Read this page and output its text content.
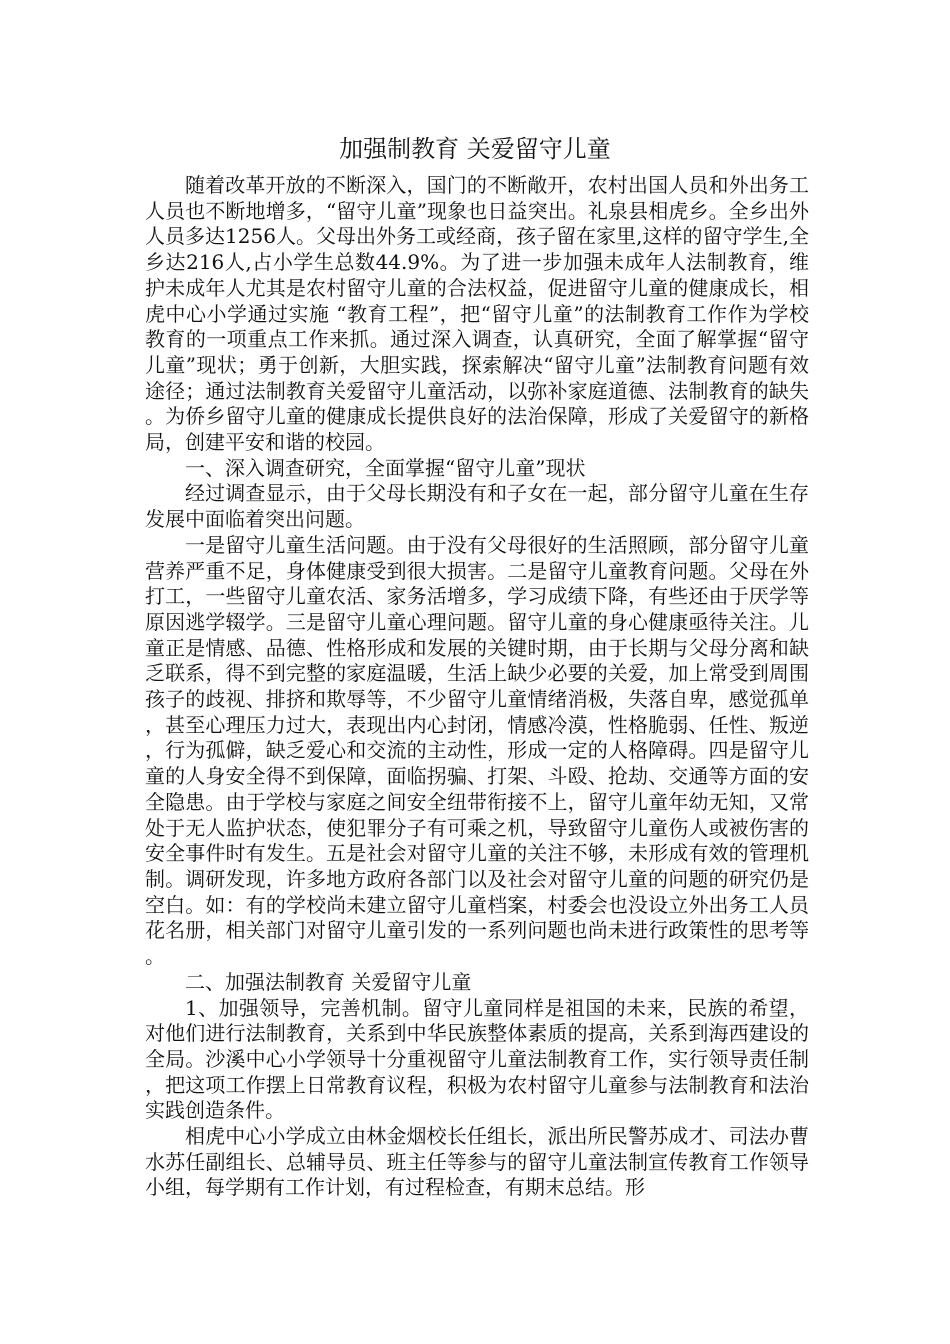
加强制教育 关爱留守儿童

随着改革开放的不断深入，国门的不断敞开，农村出国人员和外出务工人员也不断地增多，“留守儿童”现象也日益突出。礼泉县相虎乡。全乡出外人员多达1256人。父母出外务工或经商，孩子留在家里,这样的留守学生,全乡达216人,占小学生总数44.9%。为了进一步加强未成年人法制教育，维护未成年人尤其是农村留守儿童的合法权益，促进留守儿童的健康成长，相虎中心小学通过实施 “教育工程”，把“留守儿童”的法制教育工作作为学校教育的一项重点工作来抓。通过深入调查，认真研究，全面了解掌握“留守儿童”现状；勇于创新，大胆实践，探索解决“留守儿童”法制教育问题有效途径；通过法制教育关爱留守儿童活动，以弥补家庭道德、法制教育的缺失。为侨乡留守儿童的健康成长提供良好的法治保障，形成了关爱留守的新格局，创建平安和谐的校园。

一、深入调查研究，全面掌握“留守儿童”现状

经过调查显示，由于父母长期没有和子女在一起，部分留守儿童在生存发展中面临着突出问题。

一是留守儿童生活问题。由于没有父母很好的生活照顾，部分留守儿童营养严重不足，身体健康受到很大损害。二是留守儿童教育问题。父母在外打工，一些留守儿童农活、家务活增多，学习成绩下降，有些还由于厌学等原因逃学辍学。三是留守儿童心理问题。留守儿童的身心健康亟待关注。儿童正是情感、品德、性格形成和发展的关键时期，由于长期与父母分离和缺乏联系，得不到完整的家庭温暖，生活上缺少必要的关爱，加上常受到周围孩子的歧视、排挤和欺辱等，不少留守儿童情绪消极，失落自卑，感觉孤单，甚至心理压力过大，表现出内心封闭，情感冷漠，性格脆弱、任性、叛逆，行为孤僻，缺乏爱心和交流的主动性，形成一定的人格障碍。四是留守儿童的人身安全得不到保障，面临拐骗、打架、斗殴、抢劫、交通等方面的安全隐患。由于学校与家庭之间安全纽带衔接不上，留守儿童年幼无知，又常处于无人监护状态，使犯罪分子有可乘之机，导致留守儿童伤人或被伤害的安全事件时有发生。五是社会对留守儿童的关注不够，未形成有效的管理机制。调研发现，许多地方政府各部门以及社会对留守儿童的问题的研究仍是空白。如：有的学校尚未建立留守儿童档案，村委会也没设立外出务工人员花名册，相关部门对留守儿童引发的一系列问题也尚未进行政策性的思考等。

二、加强法制教育 关爱留守儿童

1、加强领导，完善机制。留守儿童同样是祖国的未来，民族的希望，对他们进行法制教育，关系到中华民族整体素质的提高，关系到海西建设的全局。沙溪中心小学领导十分重视留守儿童法制教育工作，实行领导责任制，把这项工作摆上日常教育议程，积极为农村留守儿童参与法制教育和法治实践创造条件。

相虎中心小学成立由林金烟校长任组长，派出所民警苏成才、司法办曹水苏任副组长、总辅导员、班主任等参与的留守儿童法制宣传教育工作领导小组，每学期有工作计划，有过程检查，有期末总结。形
